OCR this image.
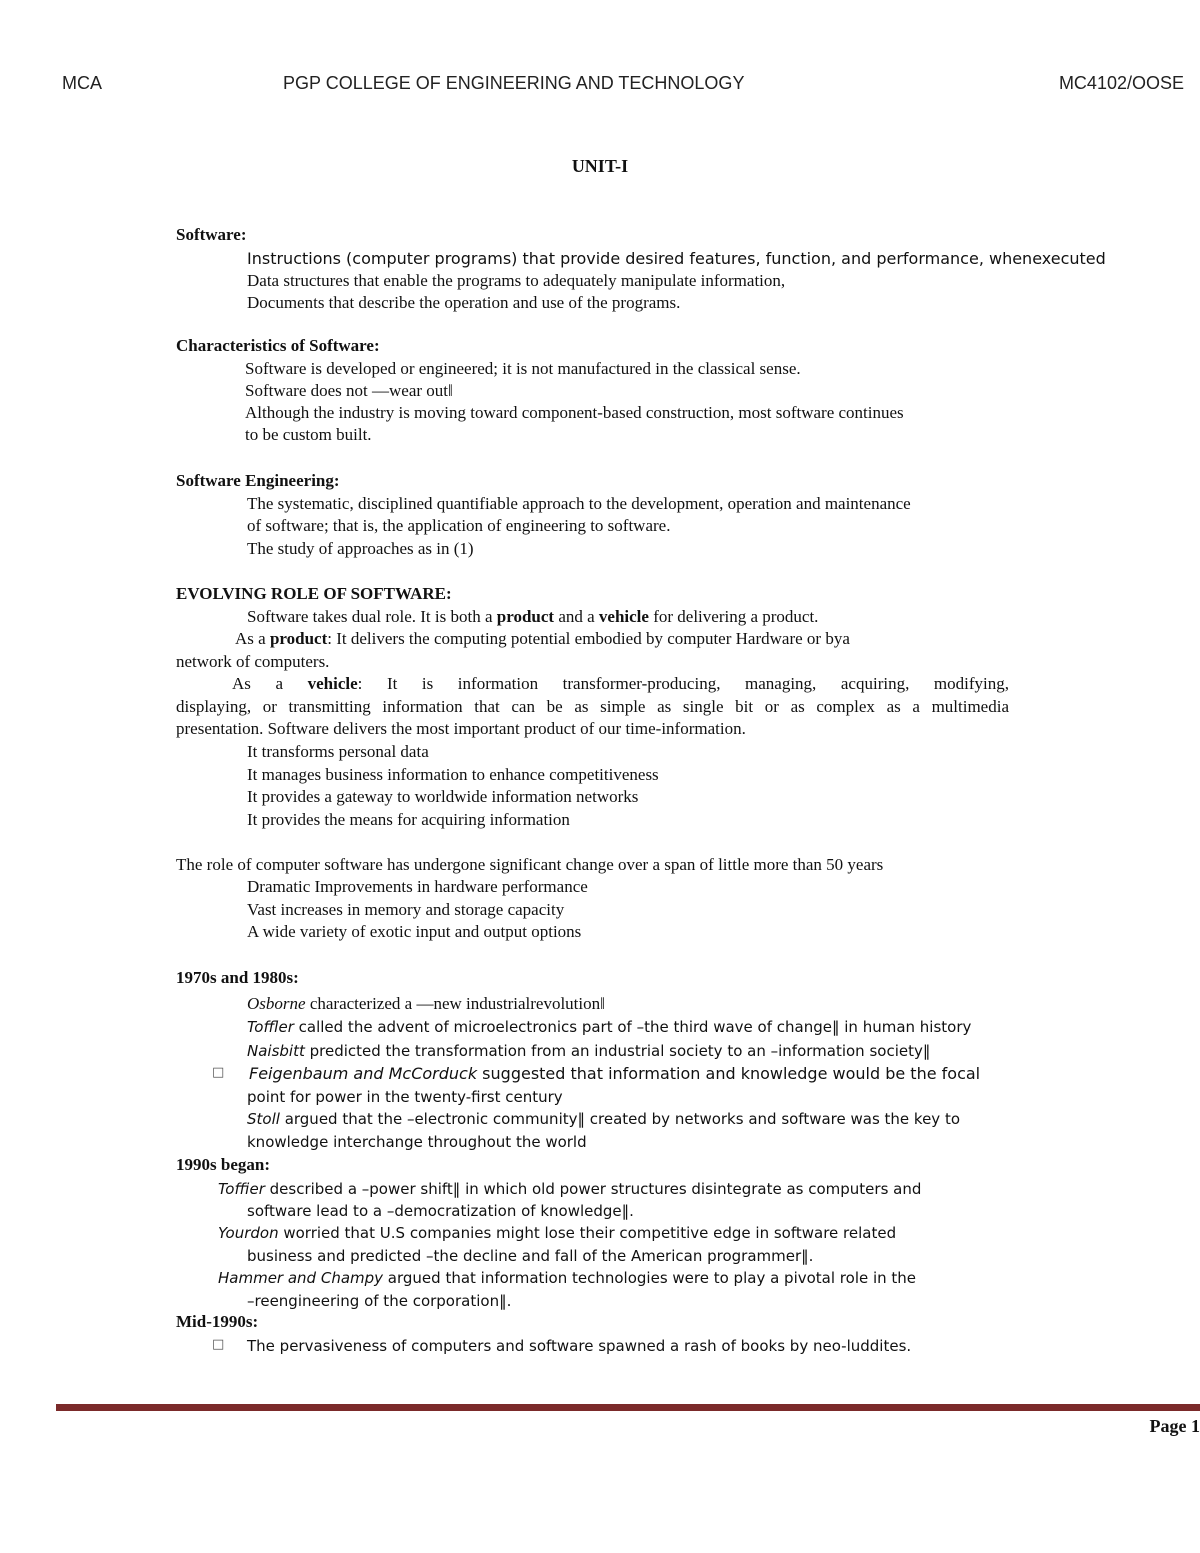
MCA	PGP COLLEGE OF ENGINEERING AND TECHNOLOGY	MC4102/OOSE
UNIT-I
Software:
Instructions (computer programs) that provide desired features, function, and performance, whenexecuted
Data structures that enable the programs to adequately manipulate information,
Documents that describe the operation and use of the programs.
Characteristics of Software:
Software is developed or engineered; it is not manufactured in the classical sense.
Software does not —wear out‖
Although the industry is moving toward component-based construction, most software continues
to be custom built.
Software Engineering:
The systematic, disciplined quantifiable approach to the development, operation and maintenance
of software; that is, the application of engineering to software.
The study of approaches as in (1)
EVOLVING ROLE OF SOFTWARE:
Software takes dual role. It is both a product and a vehicle for delivering a product.
As a product: It delivers the computing potential embodied by computer Hardware or bya
network of computers.
As a vehicle: It is information transformer-producing, managing, acquiring, modifying,
displaying, or transmitting information that can be as simple as single bit or as complex as a multimedia
presentation. Software delivers the most important product of our time-information.
It transforms personal data
It manages business information to enhance competitiveness
It provides a gateway to worldwide information networks
It provides the means for acquiring information
The role of computer software has undergone significant change over a span of little more than 50 years
Dramatic Improvements in hardware performance
Vast increases in memory and storage capacity
A wide variety of exotic input and output options
1970s and 1980s:
Osborne characterized a —new industrialrevolution‖
Toffler called the advent of microelectronics part of –the third wave of change‖ in human history
Naisbitt predicted the transformation from an industrial society to an –information society‖
□ Feigenbaum and McCorduck suggested that information and knowledge would be the focal
point for power in the twenty-first century
Stoll argued that the –electronic community‖ created by networks and software was the key to
knowledge interchange throughout the world
1990s began:
Toffier described a –power shift‖ in which old power structures disintegrate as computers and
software lead to a –democratization of knowledge‖.
Yourdon worried that U.S companies might lose their competitive edge in software related
business and predicted –the decline and fall of the American programmer‖.
Hammer and Champy argued that information technologies were to play a pivotal role in the
–reengineering of the corporation‖.
Mid-1990s:
□ The pervasiveness of computers and software spawned a rash of books by neo-luddites.
Page 1
